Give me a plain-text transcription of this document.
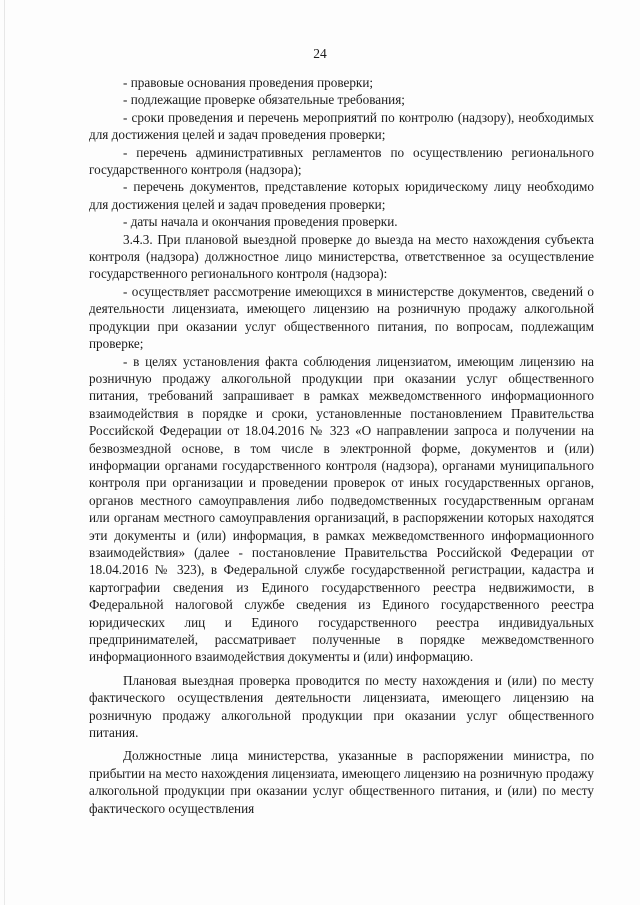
24

- правовые основания проведения проверки;

- подлежащие проверке обязательные требования;

- сроки проведения и перечень мероприятий по контролю (надзору), необходимых для достижения целей и задач проведения проверки;

- перечень административных регламентов по осуществлению регионального государственного контроля (надзора);

- перечень документов, представление которых юридическому лицу необходимо для достижения целей и задач проведения проверки;

- даты начала и окончания проведения проверки.

3.4.3. При плановой выездной проверке до выезда на место нахождения субъекта контроля (надзора) должностное лицо министерства, ответственное за осуществление государственного регионального контроля (надзора):

- осуществляет рассмотрение имеющихся в министерстве документов, сведений о деятельности лицензиата, имеющего лицензию на розничную продажу алкогольной продукции при оказании услуг общественного питания, по вопросам, подлежащим проверке;

- в целях установления факта соблюдения лицензиатом, имеющим лицензию на розничную продажу алкогольной продукции при оказании услуг общественного питания, требований запрашивает в рамках межведомственного информационного взаимодействия в порядке и сроки, установленные постановлением Правительства Российской Федерации от 18.04.2016 № 323 «О направлении запроса и получении на безвозмездной основе, в том числе в электронной форме, документов и (или) информации органами государственного контроля (надзора), органами муниципального контроля при организации и проведении проверок от иных государственных органов, органов местного самоуправления либо подведомственных государственным органам или органам местного самоуправления организаций, в распоряжении которых находятся эти документы и (или) информация, в рамках межведомственного информационного взаимодействия» (далее - постановление Правительства Российской Федерации от 18.04.2016 № 323), в Федеральной службе государственной регистрации, кадастра и картографии сведения из Единого государственного реестра недвижимости, в Федеральной налоговой службе сведения из Единого государственного реестра юридических лиц и Единого государственного реестра индивидуальных предпринимателей, рассматривает полученные в порядке межведомственного информационного взаимодействия документы и (или) информацию.

Плановая выездная проверка проводится по месту нахождения и (или) по месту фактического осуществления деятельности лицензиата, имеющего лицензию на розничную продажу алкогольной продукции при оказании услуг общественного питания.

Должностные лица министерства, указанные в распоряжении министра, по прибытии на место нахождения лицензиата, имеющего лицензию на розничную продажу алкогольной продукции при оказании услуг общественного питания, и (или) по месту фактического осуществления
